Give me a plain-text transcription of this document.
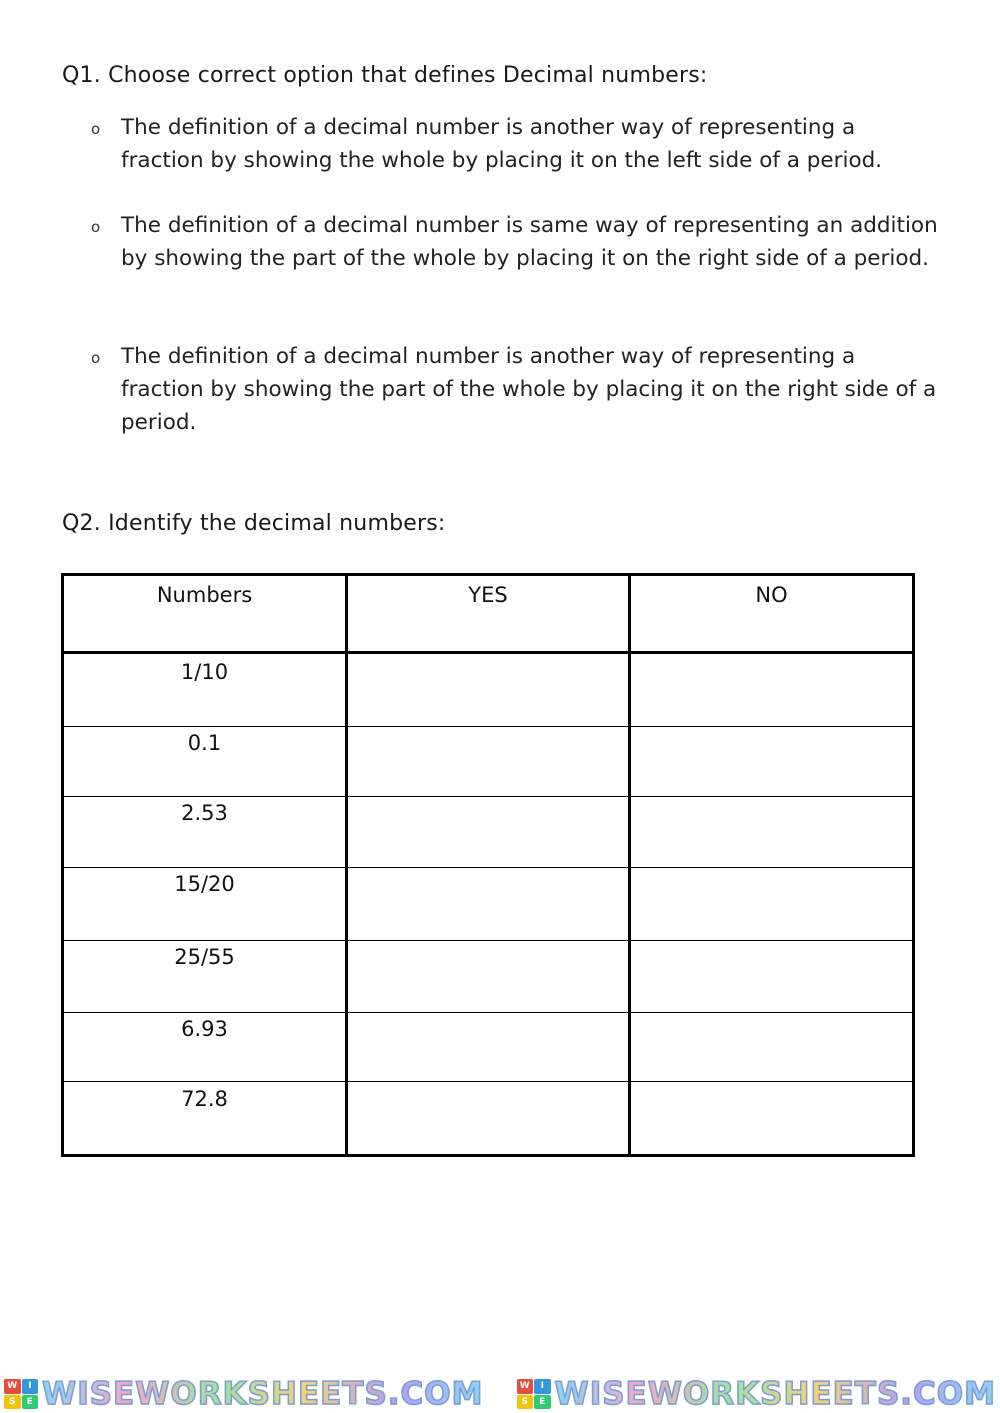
Q1. Choose correct option that defines Decimal numbers:
o The definition of a decimal number is another way of representing a fraction by showing the whole by placing it on the left side of a period.
o The definition of a decimal number is same way of representing an addition by showing the part of the whole by placing it on the right side of a period.
o The definition of a decimal number is another way of representing a fraction by showing the part of the whole by placing it on the right side of a period.
Q2. Identify the decimal numbers:
Numbers	YES	NO
1/10
0.1
2.53
15/20
25/55
6.93
72.8
W	I
S	E WISEWORKSHEETS.COM	W	I
S	E WISEWORKSHEETS.COM
